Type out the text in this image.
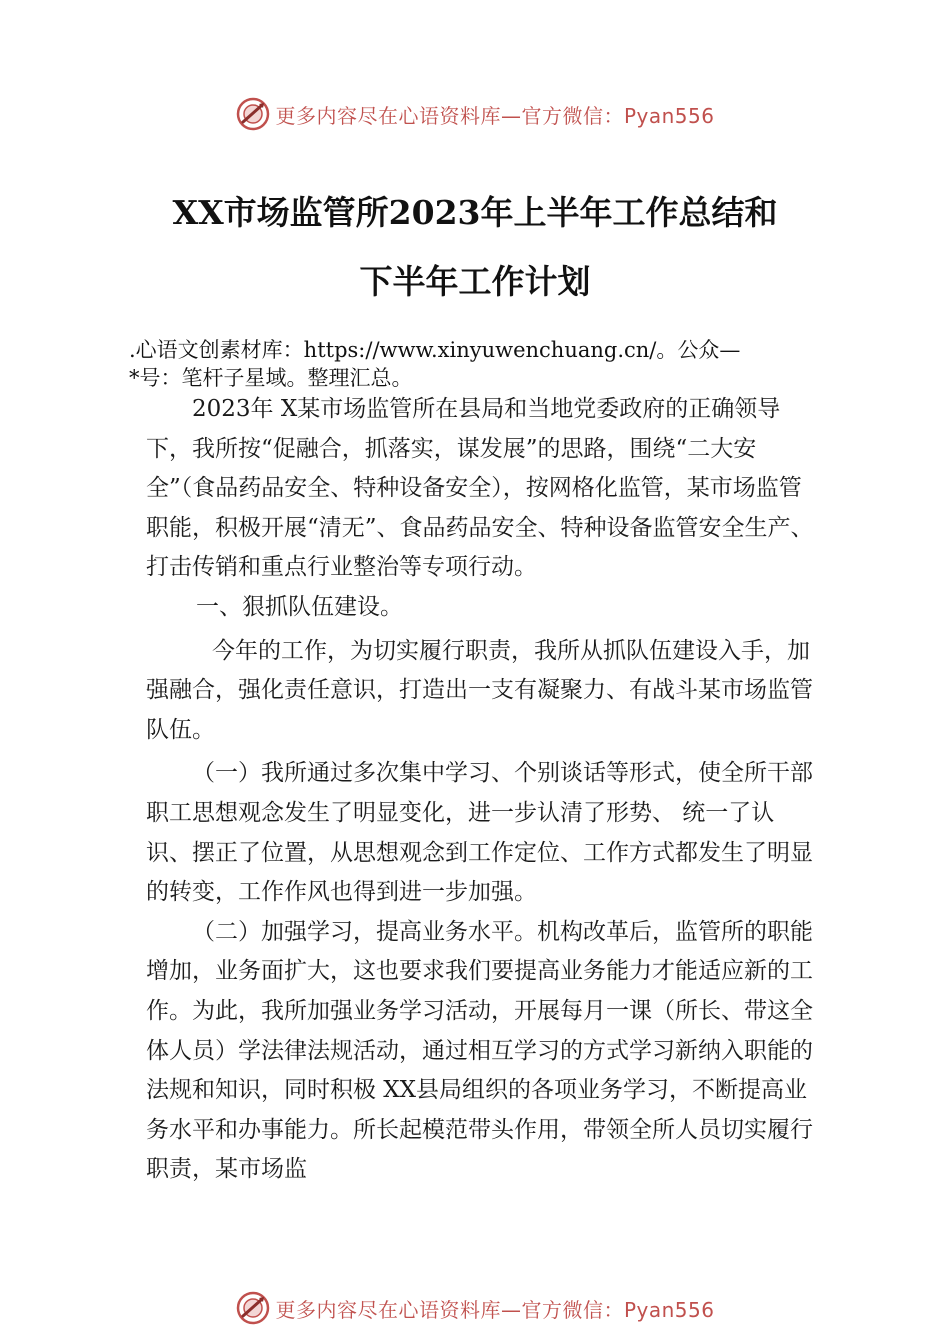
更多内容尽在心语资料库—官方微信：Pyan556
XX市场监管所2023年上半年工作总结和
下半年工作计划
.心语文创素材库：https://www.xinyuwenchuang.cn/。公众—
*号：笔杆子星域。整理汇总。

2023年 X某市场监管所在县局和当地党委政府的正确领导下，我所按“促融合，抓落实，谋发展”的思路，围绕“二大安全”（食品药品安全、特种设备安全），按网格化监管，某市场监管职能，积极开展“清无”、食品药品安全、特种设备监管安全生产、打击传销和重点行业整治等专项行动。

一、狠抓队伍建设。

今年的工作，为切实履行职责，我所从抓队伍建设入手，加强融合，强化责任意识，打造出一支有凝聚力、有战斗某市场监管队伍。

（一）我所通过多次集中学习、个别谈话等形式，使全所干部职工思想观念发生了明显变化，进一步认清了形势、 统一了认识、摆正了位置，从思想观念到工作定位、工作方式都发生了明显的转变，工作作风也得到进一步加强。

（二）加强学习，提高业务水平。机构改革后，监管所的职能增加，业务面扩大，这也要求我们要提高业务能力才能适应新的工作。为此，我所加强业务学习活动，开展每月一课（所长、带这全体人员）学法律法规活动，通过相互学习的方式学习新纳入职能的法规和知识，同时积极 XX县局组织的各项业务学习，不断提高业务水平和办事能力。所长起模范带头作用，带领全所人员切实履行职责，某市场监

更多内容尽在心语资料库—官方微信：Pyan556
